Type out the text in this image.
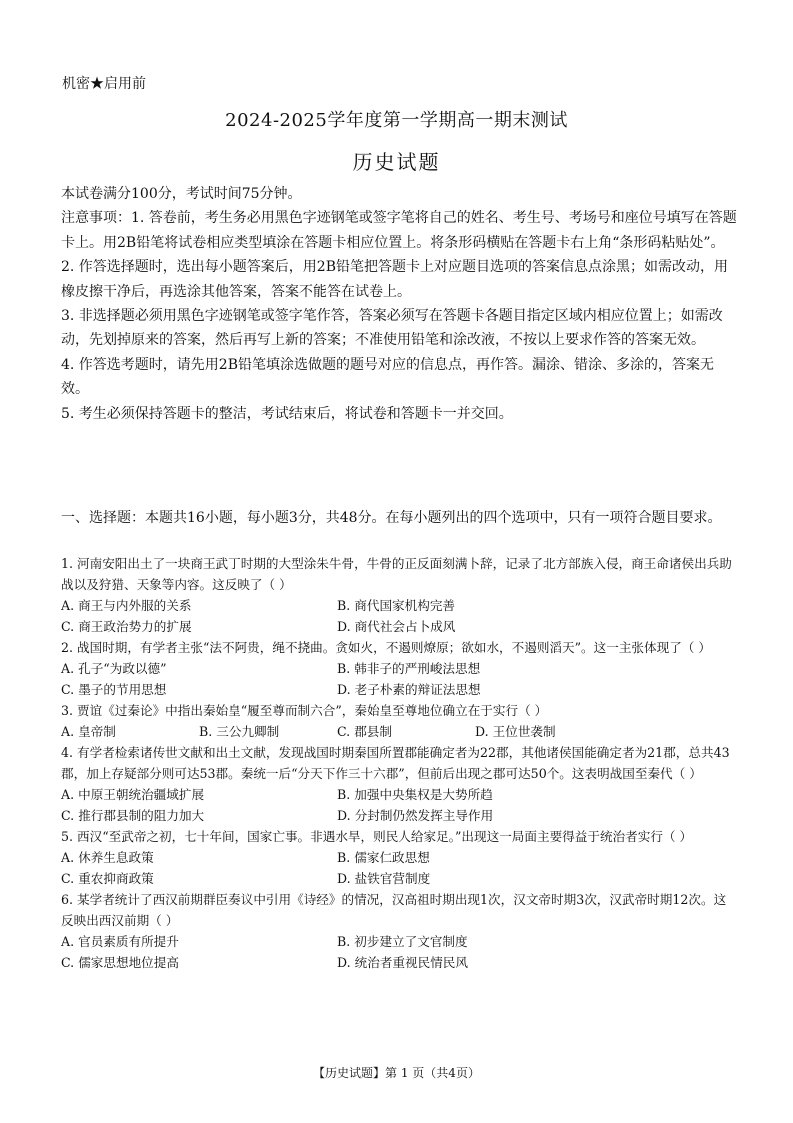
机密★启用前
2024-2025学年度第一学期高一期末测试
历史试题

本试卷满分100分，考试时间75分钟。

注意事项：1. 答卷前，考生务必用黑色字迹钢笔或签字笔将自己的姓名、考生号、考场号和座位号填写在答题卡上。用2B铅笔将试卷相应类型填涂在答题卡相应位置上。将条形码横贴在答题卡右上角“条形码粘贴处”。

2. 作答选择题时，选出每小题答案后，用2B铅笔把答题卡上对应题目选项的答案信息点涂黑；如需改动，用橡皮擦干净后，再选涂其他答案，答案不能答在试卷上。

3. 非选择题必须用黑色字迹钢笔或签字笔作答，答案必须写在答题卡各题目指定区域内相应位置上；如需改动，先划掉原来的答案，然后再写上新的答案；不准使用铅笔和涂改液，不按以上要求作答的答案无效。

4. 作答选考题时，请先用2B铅笔填涂选做题的题号对应的信息点，再作答。漏涂、错涂、多涂的，答案无效。

5. 考生必须保持答题卡的整洁，考试结束后，将试卷和答题卡一并交回。

一、选择题：本题共16小题，每小题3分，共48分。在每小题列出的四个选项中，只有一项符合题目要求。

1. 河南安阳出土了一块商王武丁时期的大型涂朱牛骨，牛骨的正反面刻满卜辞，记录了北方部族入侵，商王命诸侯出兵助战以及狩猎、天象等内容。这反映了（ ）

A. 商王与内外服的关系	B. 商代国家机构完善
C. 商王政治势力的扩展	D. 商代社会占卜成风

2. 战国时期，有学者主张“法不阿贵，绳不挠曲。贪如火，不遏则燎原；欲如水，不遏则滔天”。这一主张体现了（ ）

A. 孔子“为政以德”	B. 韩非子的严刑峻法思想
C. 墨子的节用思想	D. 老子朴素的辩证法思想

3. 贾谊《过秦论》中指出秦始皇“履至尊而制六合”，秦始皇至尊地位确立在于实行（ ）

A. 皇帝制	B. 三公九卿制	C. 郡县制	D. 王位世袭制

4. 有学者检索诸传世文献和出土文献，发现战国时期秦国所置郡能确定者为22郡，其他诸侯国能确定者为21郡，总共43郡，加上存疑部分则可达53郡。秦统一后“分天下作三十六郡”，但前后出现之郡可达50个。这表明战国至秦代（ ）

A. 中原王朝统治疆域扩展	B. 加强中央集权是大势所趋
C. 推行郡县制的阻力加大	D. 分封制仍然发挥主导作用

5. 西汉“至武帝之初，七十年间，国家亡事。非遇水旱，则民人给家足。”出现这一局面主要得益于统治者实行（ ）

A. 休养生息政策	B. 儒家仁政思想
C. 重农抑商政策	D. 盐铁官营制度

6. 某学者统计了西汉前期群臣奏议中引用《诗经》的情况，汉高祖时期出现1次，汉文帝时期3次，汉武帝时期12次。这反映出西汉前期（ ）

A. 官员素质有所提升	B. 初步建立了文官制度
C. 儒家思想地位提高	D. 统治者重视民情民风
【历史试题】第 1 页（共4页）
